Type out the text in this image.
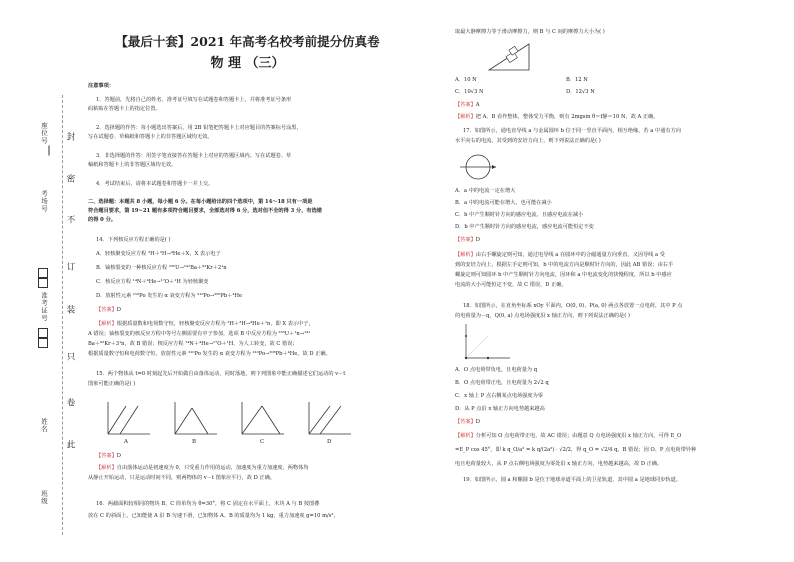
封
密
不
订
装
只
卷
此
座位号
考场号
准考证号
姓名
班级
【最后十套】2021 年高考名校考前提分仿真卷
物 理 （三）
注意事项：
1．答题前，先将自己的姓名、准考证号填写在试题卷和答题卡上，并将准考证号条形
码粘贴在答题卡上的指定位置。
2．选择题的作答：每小题选出答案后，用 2B 铅笔把答题卡上对应题目的答案标号涂黑，
写在试题卷、草稿纸和答题卡上的非答题区域均无效。
3．非选择题的作答：用签字笔直接答在答题卡上对应的答题区域内。写在试题卷、草
稿纸和答题卡上的非答题区域均无效。
4．考试结束后，请将本试题卷和答题卡一并上交。
二、选择题：本题共 8 小题，每小题 6 分。在每小题给出的四个选项中，第 14～18 只有一项是
符合题目要求，第 19~21 题有多项符合题目要求，全部选对得 6 分，选对但不全的得 3 分，有选错
的得 0 分。
14．下列核反应方程正确的是( )
A．轻核聚变反应方程 ²H＋³H→⁴He＋X，X 表示电子
B．铀核裂变的一种核反应方程 ²³⁵U→¹⁴¹Ba＋⁹²Kr＋2¹n
C．核反应方程 ¹⁴N＋⁴He→¹⁷O＋¹H 为轻核聚变
D．放射性元素 ²¹⁰Po 发生的 α 衰变方程为 ²¹⁰Po→²⁰⁶Pb＋⁴He
【答案】D
【解析】根据质量数和电荷数守恒，轻核聚变反应方程为 ²H＋³H→⁴He＋¹n，即 X 表示中子，
A 错误；铀核裂变的核反应方程中等号左侧需要有中子参加，选项 B 中反应方程为 ²³⁵U＋¹n→¹⁴¹
Ba＋⁹²Kr＋3¹n，故 B 错误；核反应方程 ¹⁴N＋⁴He→¹⁷O＋¹H，为人工转变，故 C 错误；
根据质量数守恒和电荷数守恒，放射性元素 ²¹⁰Po 发生的 α 衰变方程为 ²¹⁰Po→²⁰⁶Pb＋⁴He，故 D 正确。
15．两个物体从 t=0 时刻起先后开始做自由落体运动，同时落地，则下列图象中能正确描述它们运动的 v－t
图象可能正确的是( )
A	B	C	D
【答案】D
【解析】自由落体运动是初速度为 0、只受重力作用的运动，加速度为重力加速度，两物体均
从静止开始运动，只是运动时间不同，则两物体的 v－t 图象应平行，故 D 正确。
16．两截面积较相同的物块 B、C 简单均为 θ=30°，将 C 固定在水平面上，木块 A 与 B 按图叠
放在 C 的斜面上，已知能使 A 沿 B 匀速下滑，已知物体 A、B 的质量均为 1 kg，重力加速度 g=10 m/s²，
取最大静摩擦力等于滑动摩擦力，则 B 与 C 间的摩擦力大小为( )
A．10 N	B．12 N
C．10√3 N	D．12√3 N
【答案】A
【解析】把 A、B 看作整体，整体受力平衡，则有 2mgsin θ＝f静＝10 N，故 A 正确。
17．如图所示，通电直导线 a 与金属圆环 b 位于同一竖直平面内，相互绝缘，若 a 中通有方向
水平向右的电流，其受到的安培力向上，则下列说法正确的是( )
A．a 中的电流一定在增大
B．a 中的电流可能在增大，也可能在减小
C．b 中产生顺时针方向的感应电流，且感应电流在减小
D．b 中产生顺时针方向的感应电流，感应电流可能恒定不变
【答案】D
【解析】由右手螺旋定则可知，通过电导线 a 在圆环中的合磁通量方向垂直，又因导线 a 受
到的安培力向上，根据左手定则可知，b 中的电流方向是顺时针方向的，因此 AB 错误；由右手
螺旋定则可知圆环 b 中产生顺时针方向电流，因环和 a 中电流变化的快慢程度，所以 b 中感应
电流的大小可能恒定不变，故 C 错误，D 正确。
18．如图所示，在直角坐标系 xOy 平面内，O(0, 0)、P(a, 0) 两点各放置一点电荷，其中 P 点
的电荷量为－q，Q(0, a) 点电场强度沿 x 轴正方向，则下列说法正确的是( )
A．O 点电荷带负电，且电荷量为 q
B．O 点电荷带正电，且电荷量为 2√2 q
C．x 轴上 P 点右侧某点电场强度为零
D．从 P 点沿 x 轴正方向电势越来越高
【答案】D
【解析】分析可知 O 点电荷带正电，故 AC 错误；由题意 Q 点电场强度沿 x 轴正方向，可得 E_O
=E_P cos 45°，即 k q_O/a² = k q/(2a²) · √2/2，得 q_O = √2/4 q，B 错误；因 O、P 点电荷带异种
电且电荷量较大，从 P 点右侧电场强度为零处沿 x 轴正方向，电势越来越高，故 D 正确。
19．如图所示，圆 a 和椭圆 b 是位于地球赤道平面上的卫星轨道，其中圆 a 是地球同步轨道。
